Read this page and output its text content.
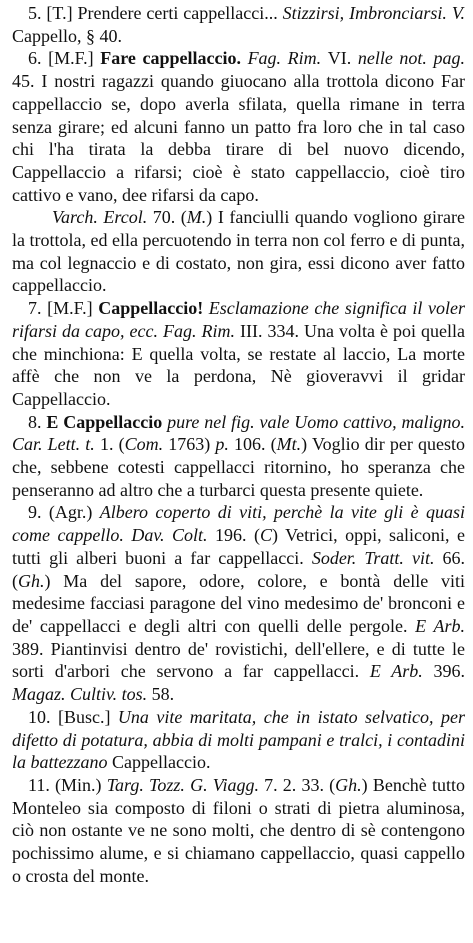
5. [T.] Prendere certi cappellacci... Stizzirsi, Imbronciarsi. V. Cappello, § 40.

6. [M.F.] Fare cappellaccio. Fag. Rim. VI. nelle not. pag. 45. I nostri ragazzi quando giuocano alla trottola dicono Far cappellaccio se, dopo averla sfilata, quella rimane in terra senza girare; ed alcuni fanno un patto fra loro che in tal caso chi l'ha tirata la debba tirare di bel nuovo dicendo, Cappellaccio a rifarsi; cioè è stato cappellaccio, cioè tiro cattivo e vano, dee rifarsi da capo.

Varch. Ercol. 70. (M.) I fanciulli quando vogliono girare la trottola, ed ella percuotendo in terra non col ferro e di punta, ma col legnaccio e di costato, non gira, essi dicono aver fatto cappellaccio.

7. [M.F.] Cappellaccio! Esclamazione che significa il voler rifarsi da capo, ecc. Fag. Rim. III. 334. Una volta è poi quella che minchiona: E quella volta, se restate al laccio, La morte affè che non ve la perdona, Nè gioveravvi il gridar Cappellaccio.

8. E Cappellaccio pure nel fig. vale Uomo cattivo, maligno. Car. Lett. t. 1. (Com. 1763) p. 106. (Mt.) Voglio dir per questo che, sebbene cotesti cappellacci ritornino, ho speranza che penseranno ad altro che a turbarci questa presente quiete.

9. (Agr.) Albero coperto di viti, perchè la vite gli è quasi come cappello. Dav. Colt. 196. (C) Vetrici, oppi, saliconi, e tutti gli alberi buoni a far cappellacci. Soder. Tratt. vit. 66. (Gh.) Ma del sapore, odore, colore, e bontà delle viti medesime facciasi paragone del vino medesimo de' bronconi e de' cappellacci e degli altri con quelli delle pergole. E Arb. 389. Piantinvisi dentro de' rovistichi, dell'ellere, e di tutte le sorti d'arbori che servono a far cappellacci. E Arb. 396. Magaz. Cultiv. tos. 58.

10. [Busc.] Una vite maritata, che in istato selvatico, per difetto di potatura, abbia di molti pampani e tralci, i contadini la battezzano Cappellaccio.

11. (Min.) Targ. Tozz. G. Viagg. 7. 2. 33. (Gh.) Benchè tutto Monteleo sia composto di filoni o strati di pietra aluminosa, ciò non ostante ve ne sono molti, che dentro di sè contengono pochissimo alume, e si chiamano cappellaccio, quasi cappello o crosta del monte.
